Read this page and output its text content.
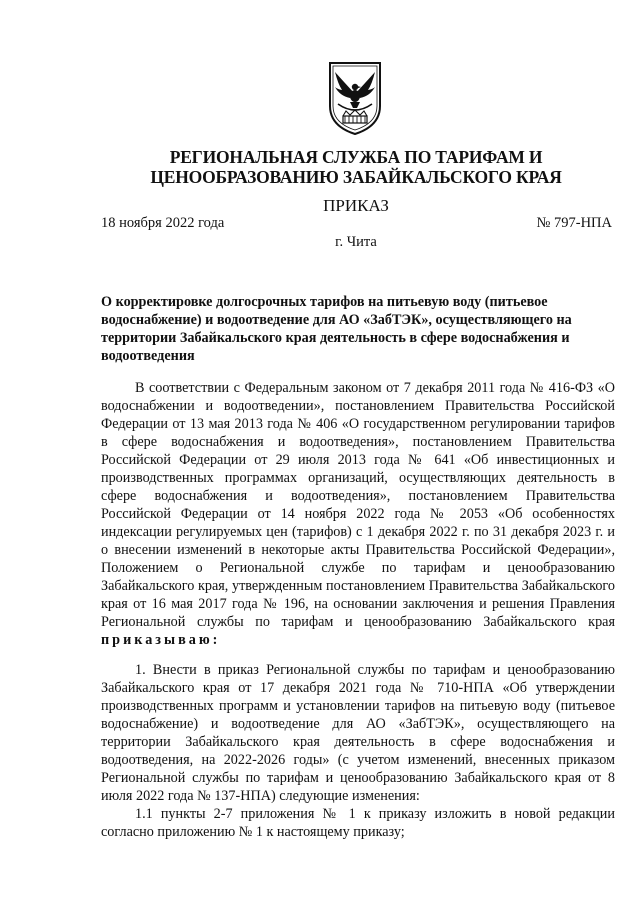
РЕГИОНАЛЬНАЯ СЛУЖБА ПО ТАРИФАМ И
ЦЕНООБРАЗОВАНИЮ ЗАБАЙКАЛЬСКОГО КРАЯ
ПРИКАЗ
18 ноября 2022 года	№ 797-НПА
г. Чита
О корректировке долгосрочных тарифов на питьевую воду (питьевое водоснабжение) и водоотведение для АО «ЗабТЭК», осуществляющего на территории Забайкальского края деятельность в сфере водоснабжения и водоотведения

В соответствии с Федеральным законом от 7 декабря 2011 года № 416-ФЗ «О водоснабжении и водоотведении», постановлением Правительства Российской Федерации от 13 мая 2013 года № 406 «О государственном регулировании тарифов в сфере водоснабжения и водоотведения», постановлением Правительства Российской Федерации от 29 июля 2013 года № 641 «Об инвестиционных и производственных программах организаций, осуществляющих деятельность в сфере водоснабжения и водоотведения», постановлением Правительства Российской Федерации от 14 ноября 2022 года № 2053 «Об особенностях индексации регулируемых цен (тарифов) с 1 декабря 2022 г. по 31 декабря 2023 г. и о внесении изменений в некоторые акты Правительства Российской Федерации», Положением о Региональной службе по тарифам и ценообразованию Забайкальского края, утвержденным постановлением Правительства Забайкальского края от 16 мая 2017 года № 196, на основании заключения и решения Правления Региональной службы по тарифам и ценообразованию Забайкальского края приказываю:

1. Внести в приказ Региональной службы по тарифам и ценообразованию Забайкальского края от 17 декабря 2021 года № 710-НПА «Об утверждении производственных программ и установлении тарифов на питьевую воду (питьевое водоснабжение) и водоотведение для АО «ЗабТЭК», осуществляющего на территории Забайкальского края деятельность в сфере водоснабжения и водоотведения, на 2022-2026 годы» (с учетом изменений, внесенных приказом Региональной службы по тарифам и ценообразованию Забайкальского края от 8 июля 2022 года № 137-НПА) следующие изменения:

1.1 пункты 2-7 приложения № 1 к приказу изложить в новой редакции согласно приложению № 1 к настоящему приказу;
